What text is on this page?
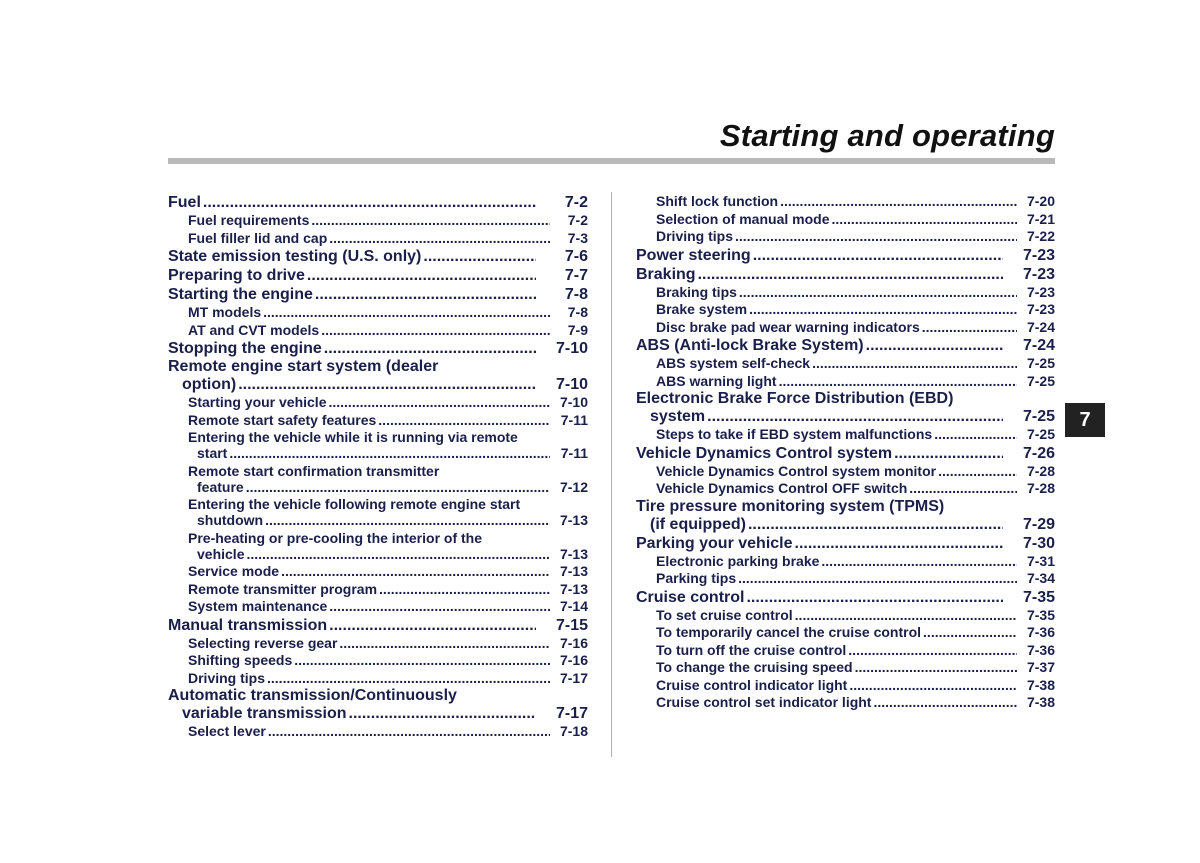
Starting and operating
Fuel .....	7-2
Fuel requirements .....	7-2
Fuel filler lid and cap .....	7-3
State emission testing (U.S. only) .....	7-6
Preparing to drive .....	7-7
Starting the engine .....	7-8
MT models .....	7-8
AT and CVT models .....	7-9
Stopping the engine .....	7-10
Remote engine start system (dealer
option) .....	7-10
Starting your vehicle .....	7-10
Remote start safety features .....	7-11
Entering the vehicle while it is running via remote
start .....	7-11
Remote start confirmation transmitter
feature .....	7-12
Entering the vehicle following remote engine start
shutdown .....	7-13
Pre-heating or pre-cooling the interior of the
vehicle .....	7-13
Service mode .....	7-13
Remote transmitter program .....	7-13
System maintenance .....	7-14
Manual transmission .....	7-15
Selecting reverse gear .....	7-16
Shifting speeds .....	7-16
Driving tips .....	7-17
Automatic transmission/Continuously
variable transmission .....	7-17
Select lever .....	7-18
Shift lock function .....	7-20
Selection of manual mode .....	7-21
Driving tips .....	7-22
Power steering .....	7-23
Braking .....	7-23
Braking tips .....	7-23
Brake system .....	7-23
Disc brake pad wear warning indicators .....	7-24
ABS (Anti-lock Brake System) .....	7-24
ABS system self-check .....	7-25
ABS warning light .....	7-25
Electronic Brake Force Distribution (EBD)
system .....	7-25
Steps to take if EBD system malfunctions .....	7-25
Vehicle Dynamics Control system .....	7-26
Vehicle Dynamics Control system monitor .....	7-28
Vehicle Dynamics Control OFF switch .....	7-28
Tire pressure monitoring system (TPMS)
(if equipped) .....	7-29
Parking your vehicle .....	7-30
Electronic parking brake .....	7-31
Parking tips .....	7-34
Cruise control .....	7-35
To set cruise control .....	7-35
To temporarily cancel the cruise control .....	7-36
To turn off the cruise control .....	7-36
To change the cruising speed .....	7-37
Cruise control indicator light .....	7-38
Cruise control set indicator light .....	7-38
7
